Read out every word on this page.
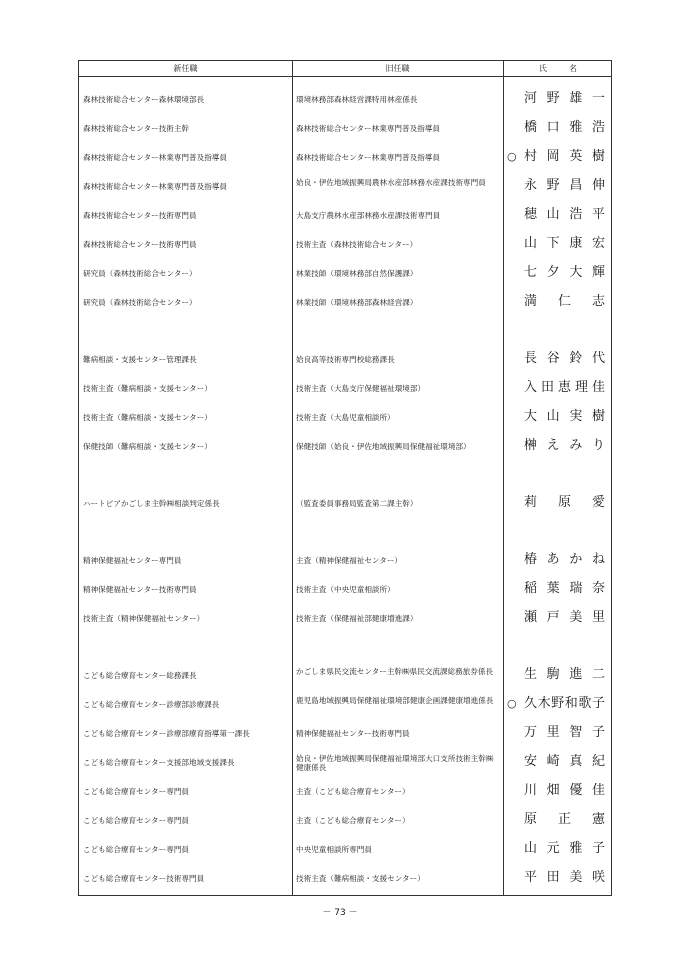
新任職	旧任職	氏名
森林技術総合センター森林環境部長	環境林務部森林経営課特用林産係長	河野雄一
森林技術総合センター技術主幹	森林技術総合センター林業専門普及指導員	橋口雅浩
森林技術総合センター林業専門普及指導員	森林技術総合センター林業専門普及指導員	○ 村岡英樹
森林技術総合センター林業専門普及指導員	姶良・伊佐地域振興局農林水産部林務水産課技術専門員	永野昌伸
森林技術総合センター技術専門員	大島支庁農林水産部林務水産課技術専門員	穂山浩平
森林技術総合センター技術専門員	技術主査（森林技術総合センター）	山下康宏
研究員（森林技術総合センター）	林業技師（環境林務部自然保護課）	七夕大輝
研究員（森林技術総合センター）	林業技師（環境林務部森林経営課）	満仁志
難病相談・支援センター管理課長	姶良高等技術専門校総務課長	長谷鈴代
技術主査（難病相談・支援センター）	技術主査（大島支庁保健福祉環境部）	入田恵理佳
技術主査（難病相談・支援センター）	技術主査（大島児童相談所）	大山実樹
保健技師（難病相談・支援センター）	保健技師（姶良・伊佐地域振興局保健福祉環境部）	榊えみり
ハートピアかごしま主幹㈱相談判定係長	（監査委員事務局監査第二課主幹）	莉原愛
精神保健福祉センター専門員	主査（精神保健福祉センター）	椿あかね
精神保健福祉センター技術専門員	技術主査（中央児童相談所）	稲葉瑞奈
技術主査（精神保健福祉センター）	技術主査（保健福祉部健康増進課）	瀬戸美里
こども総合療育センター総務課長	かごしま県民交流センター主幹㈱県民交流課総務旅券係長	生駒進二
こども総合療育センター診療部診療課長	鹿児島地域振興局保健福祉環境部健康企画課健康増進係長	○ 久木野和歌子
こども総合療育センター診療部療育指導第一課長	精神保健福祉センター技術専門員	万里智子
こども総合療育センター支援部地域支援課長	姶良・伊佐地域振興局保健福祉環境部大口支所技術主幹㈱健康係長	安崎真紀
こども総合療育センター専門員	主査（こども総合療育センター）	川畑優佳
こども総合療育センター専門員	主査（こども総合療育センター）	原正憲
こども総合療育センター専門員	中央児童相談所専門員	山元雅子
こども総合療育センター技術専門員	技術主査（難病相談・支援センター）	平田美咲
－ 73 －
